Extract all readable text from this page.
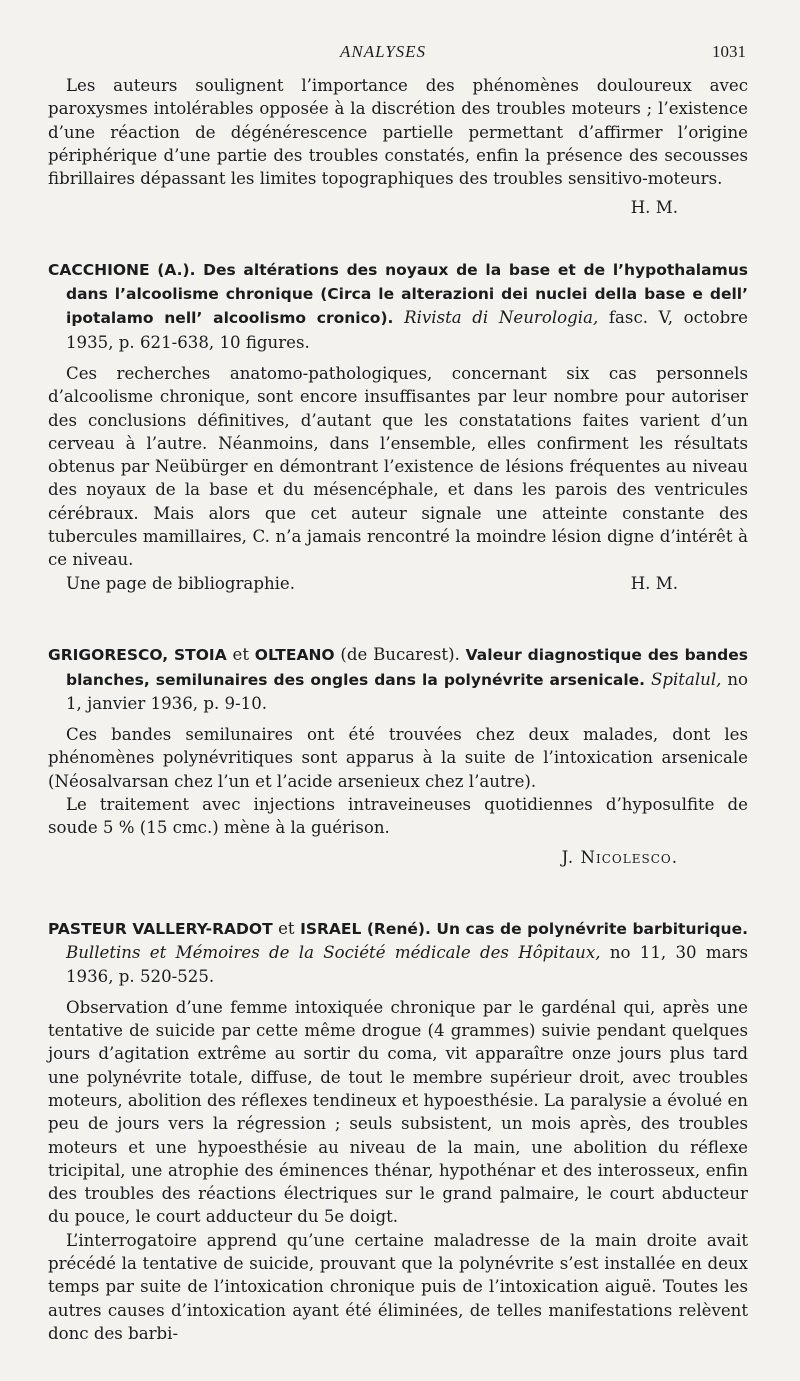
ANALYSES	1031

Les auteurs soulignent l’importance des phénomènes douloureux avec paroxysmes intolérables opposée à la discrétion des troubles moteurs ; l’existence d’une réaction de dégénérescence partielle permettant d’affirmer l’origine périphérique d’une partie des troubles constatés, enfin la présence des secousses fibrillaires dépassant les limites topographiques des troubles sensitivo-moteurs.

H. M.

CACCHIONE (A.). Des altérations des noyaux de la base et de l’hypothalamus dans l’alcoolisme chronique (Circa le alterazioni dei nuclei della base e dell’ ipotalamo nell’ alcoolismo cronico). Rivista di Neurologia, fasc. V, octobre 1935, p. 621-638, 10 figures.

Ces recherches anatomo-pathologiques, concernant six cas personnels d’alcoolisme chronique, sont encore insuffisantes par leur nombre pour autoriser des conclusions définitives, d’autant que les constatations faites varient d’un cerveau à l’autre. Néanmoins, dans l’ensemble, elles confirment les résultats obtenus par Neübürger en démontrant l’existence de lésions fréquentes au niveau des noyaux de la base et du mésencéphale, et dans les parois des ventricules cérébraux. Mais alors que cet auteur signale une atteinte constante des tubercules mamillaires, C. n’a jamais rencontré la moindre lésion digne d’intérêt à ce niveau.

Une page de bibliographie.	H. M.

GRIGORESCO, STOIA et OLTEANO (de Bucarest). Valeur diagnostique des bandes blanches, semilunaires des ongles dans la polynévrite arsenicale. Spitalul, no 1, janvier 1936, p. 9-10.

Ces bandes semilunaires ont été trouvées chez deux malades, dont les phénomènes polynévritiques sont apparus à la suite de l’intoxication arsenicale (Néosalvarsan chez l’un et l’acide arsenieux chez l’autre).

Le traitement avec injections intraveineuses quotidiennes d’hyposulfite de soude 5 % (15 cmc.) mène à la guérison.

J. Nicolesco.

PASTEUR VALLERY-RADOT et ISRAEL (René). Un cas de polynévrite barbiturique. Bulletins et Mémoires de la Société médicale des Hôpitaux, no 11, 30 mars 1936, p. 520-525.

Observation d’une femme intoxiquée chronique par le gardénal qui, après une tentative de suicide par cette même drogue (4 grammes) suivie pendant quelques jours d’agitation extrême au sortir du coma, vit apparaître onze jours plus tard une polynévrite totale, diffuse, de tout le membre supérieur droit, avec troubles moteurs, abolition des réflexes tendineux et hypoesthésie. La paralysie a évolué en peu de jours vers la régression ; seuls subsistent, un mois après, des troubles moteurs et une hypoesthésie au niveau de la main, une abolition du réflexe tricipital, une atrophie des éminences thénar, hypothénar et des interosseux, enfin des troubles des réactions électriques sur le grand palmaire, le court abducteur du pouce, le court adducteur du 5e doigt.

L’interrogatoire apprend qu’une certaine maladresse de la main droite avait précédé la tentative de suicide, prouvant que la polynévrite s’est installée en deux temps par suite de l’intoxication chronique puis de l’intoxication aiguë. Toutes les autres causes d’intoxication ayant été éliminées, de telles manifestations relèvent donc des barbi-
